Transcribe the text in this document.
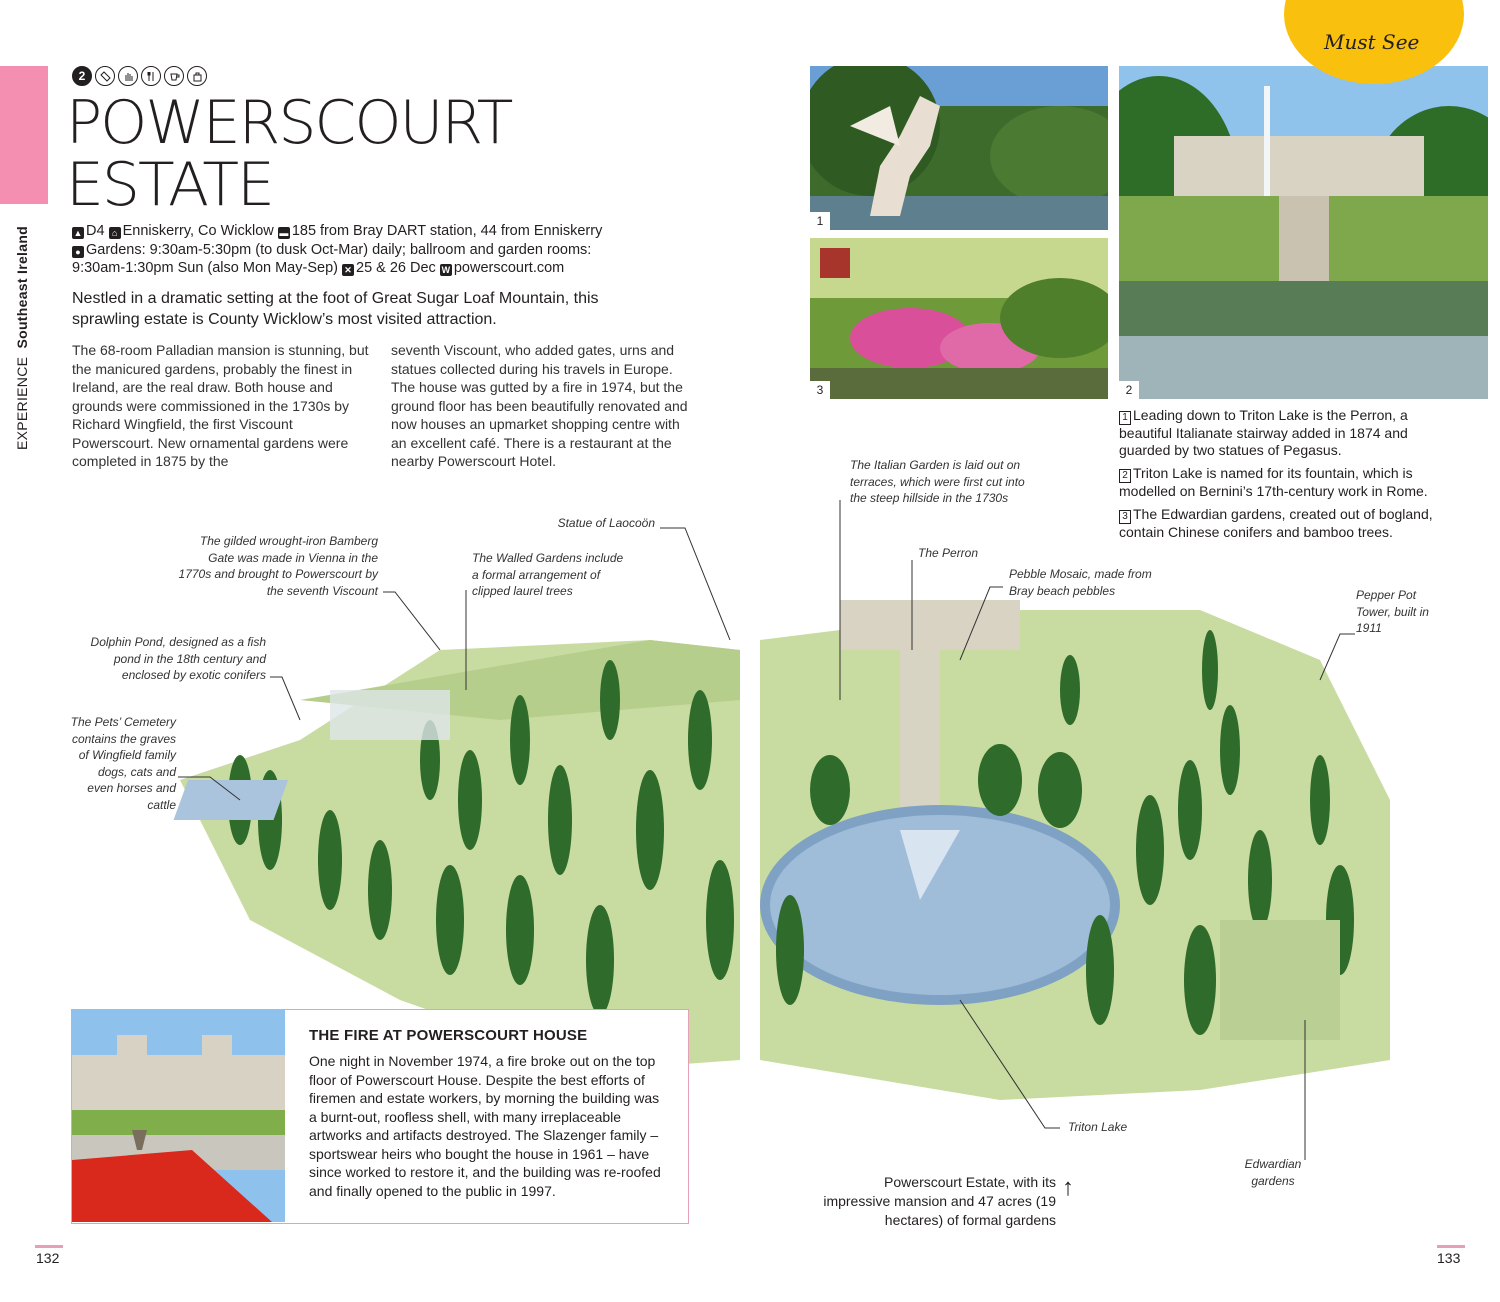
EXPERIENCE Southeast Ireland
2
POWERSCOURT
ESTATE
▲ D4 ⌂ Enniskerry, Co Wicklow ▬ 185 from Bray DART station, 44 from Enniskerry
● Gardens: 9:30am-5:30pm (to dusk Oct-Mar) daily; ballroom and garden rooms:
9:30am-1:30pm Sun (also Mon May-Sep) ✕ 25 & 26 Dec W powerscourt.com
Nestled in a dramatic setting at the foot of Great Sugar Loaf Mountain, this sprawling estate is County Wicklow’s most visited attraction.
The 68-room Palladian mansion is stunning, but the manicured gardens, probably the finest in Ireland, are the real draw. Both house and grounds were commissioned in the 1730s by Richard Wingfield, the first Viscount Powerscourt. New ornamental gardens were completed in 1875 by the
seventh Viscount, who added gates, urns and statues collected during his travels in Europe. The house was gutted by a fire in 1974, but the ground floor has been beautifully renovated and now houses an upmarket shopping centre with an excellent café. There is a restaurant at the nearby Powerscourt Hotel.
1
2
3
Must See

1 Leading down to Triton Lake is the Perron, a beautiful Italianate stairway added in 1874 and guarded by two statues of Pegasus.

2 Triton Lake is named for its fountain, which is modelled on Bernini’s 17th-century work in Rome.

3 The Edwardian gardens, created out of bogland, contain Chinese conifers and bamboo trees.

The gilded wrought-iron Bamberg Gate was made in Vienna in the 1770s and brought to Powerscourt by the seventh Viscount
Dolphin Pond, designed as a fish pond in the 18th century and enclosed by exotic conifers
The Pets’ Cemetery contains the graves of Wingfield family dogs, cats and even horses and cattle
The Walled Gardens include a formal arrangement of clipped laurel trees
Statue of Laocoön
The Italian Garden is laid out on terraces, which were first cut into the steep hillside in the 1730s
The Perron
Pebble Mosaic, made from Bray beach pebbles	Pepper Pot Tower, built in 1911
Triton Lake
Edwardian gardens
THE FIRE AT POWERSCOURT HOUSE
One night in November 1974, a fire broke out on the top floor of Powerscourt House. Despite the best efforts of firemen and estate workers, by morning the building was a burnt-out, roofless shell, with many irreplaceable artworks and artifacts destroyed. The Slazenger family – sportswear heirs who bought the house in 1961 – have since worked to restore it, and the building was re-roofed and finally opened to the public in 1997.
Powerscourt Estate, with its impressive mansion and 47 acres (19 hectares) of formal gardens
↑
132	133
